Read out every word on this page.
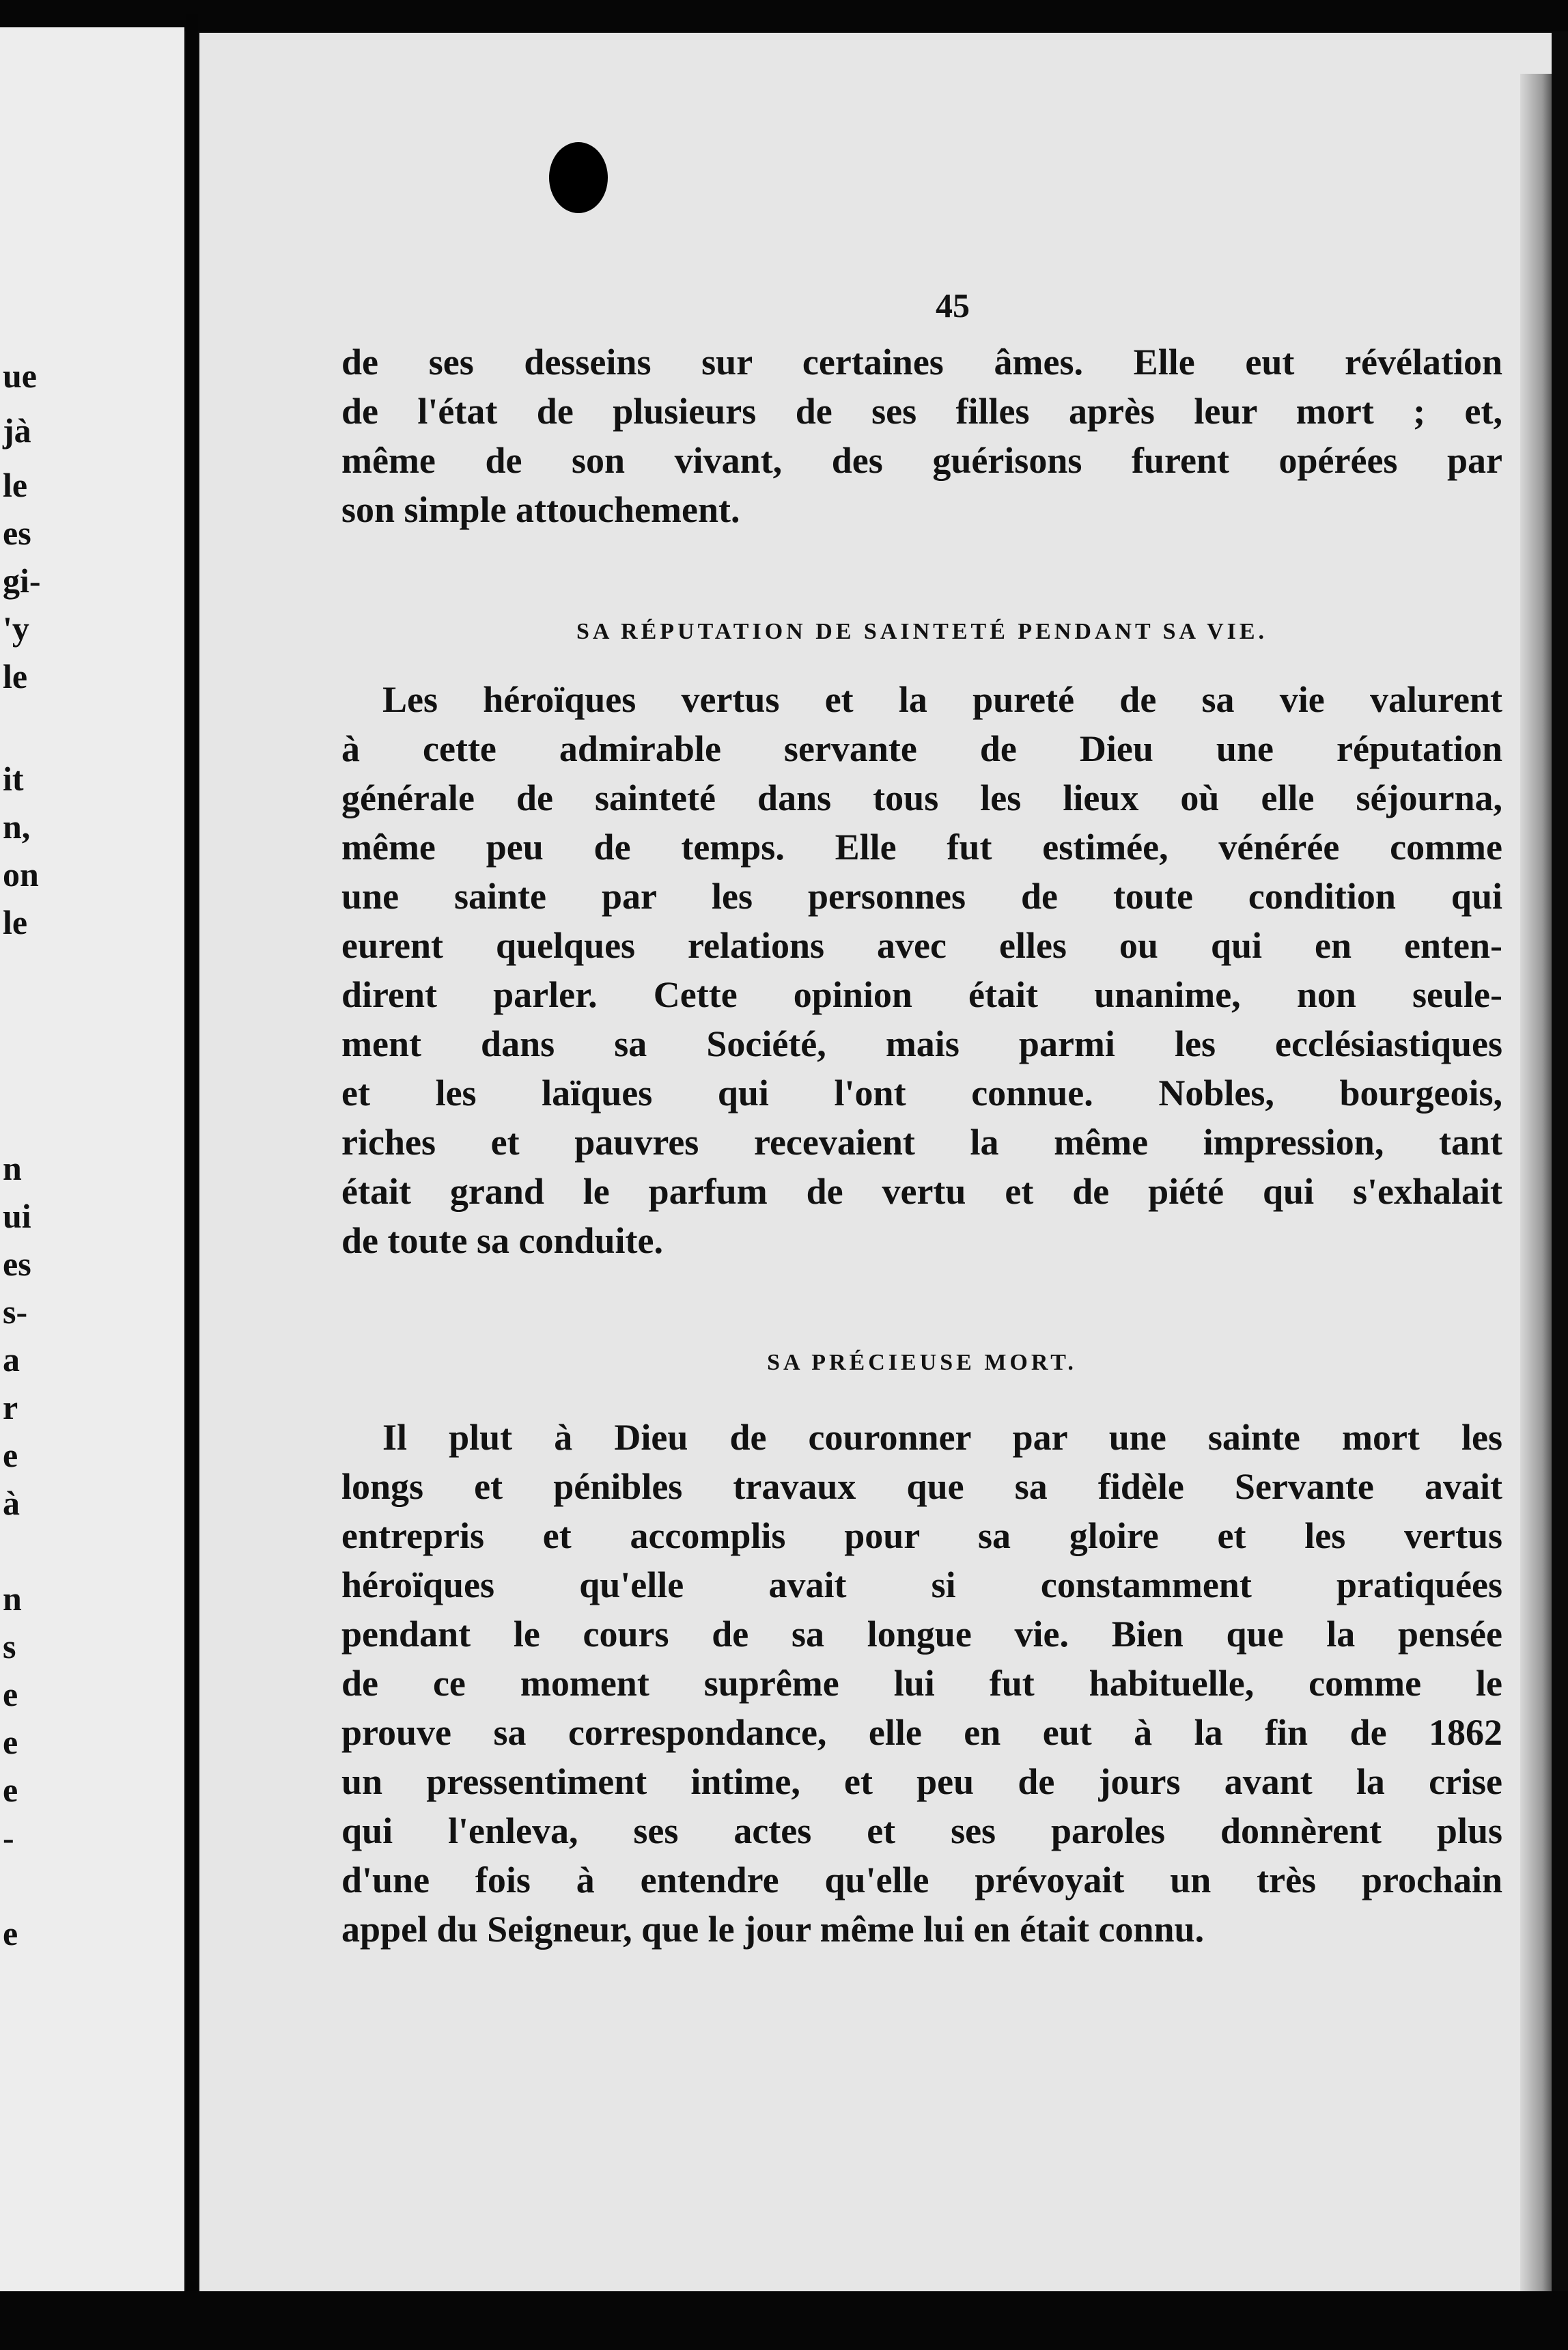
ue
jà
le
es
gi-
'y
le
it
n,
on
le
n
ui
es
s-
a
r
e
à
n
s
e
e
e
-
e
45

de ses desseins sur certaines âmes. Elle eut révélation
de l'état de plusieurs de ses filles après leur mort ; et,
même de son vivant, des guérisons furent opérées par
son simple attouchement.

SA RÉPUTATION DE SAINTETÉ PENDANT SA VIE.

Les héroïques vertus et la pureté de sa vie valurent
à cette admirable servante de Dieu une réputation
générale de sainteté dans tous les lieux où elle séjourna,
même peu de temps. Elle fut estimée, vénérée comme
une sainte par les personnes de toute condition qui
eurent quelques relations avec elles ou qui en enten-
dirent parler. Cette opinion était unanime, non seule-
ment dans sa Société, mais parmi les ecclésiastiques
et les laïques qui l'ont connue. Nobles, bourgeois,
riches et pauvres recevaient la même impression, tant
était grand le parfum de vertu et de piété qui s'exhalait
de toute sa conduite.

SA PRÉCIEUSE MORT.

Il plut à Dieu de couronner par une sainte mort les
longs et pénibles travaux que sa fidèle Servante avait
entrepris et accomplis pour sa gloire et les vertus
héroïques qu'elle avait si constamment pratiquées
pendant le cours de sa longue vie. Bien que la pensée
de ce moment suprême lui fut habituelle, comme le
prouve sa correspondance, elle en eut à la fin de 1862
un pressentiment intime, et peu de jours avant la crise
qui l'enleva, ses actes et ses paroles donnèrent plus
d'une fois à entendre qu'elle prévoyait un très prochain
appel du Seigneur, que le jour même lui en était connu.
